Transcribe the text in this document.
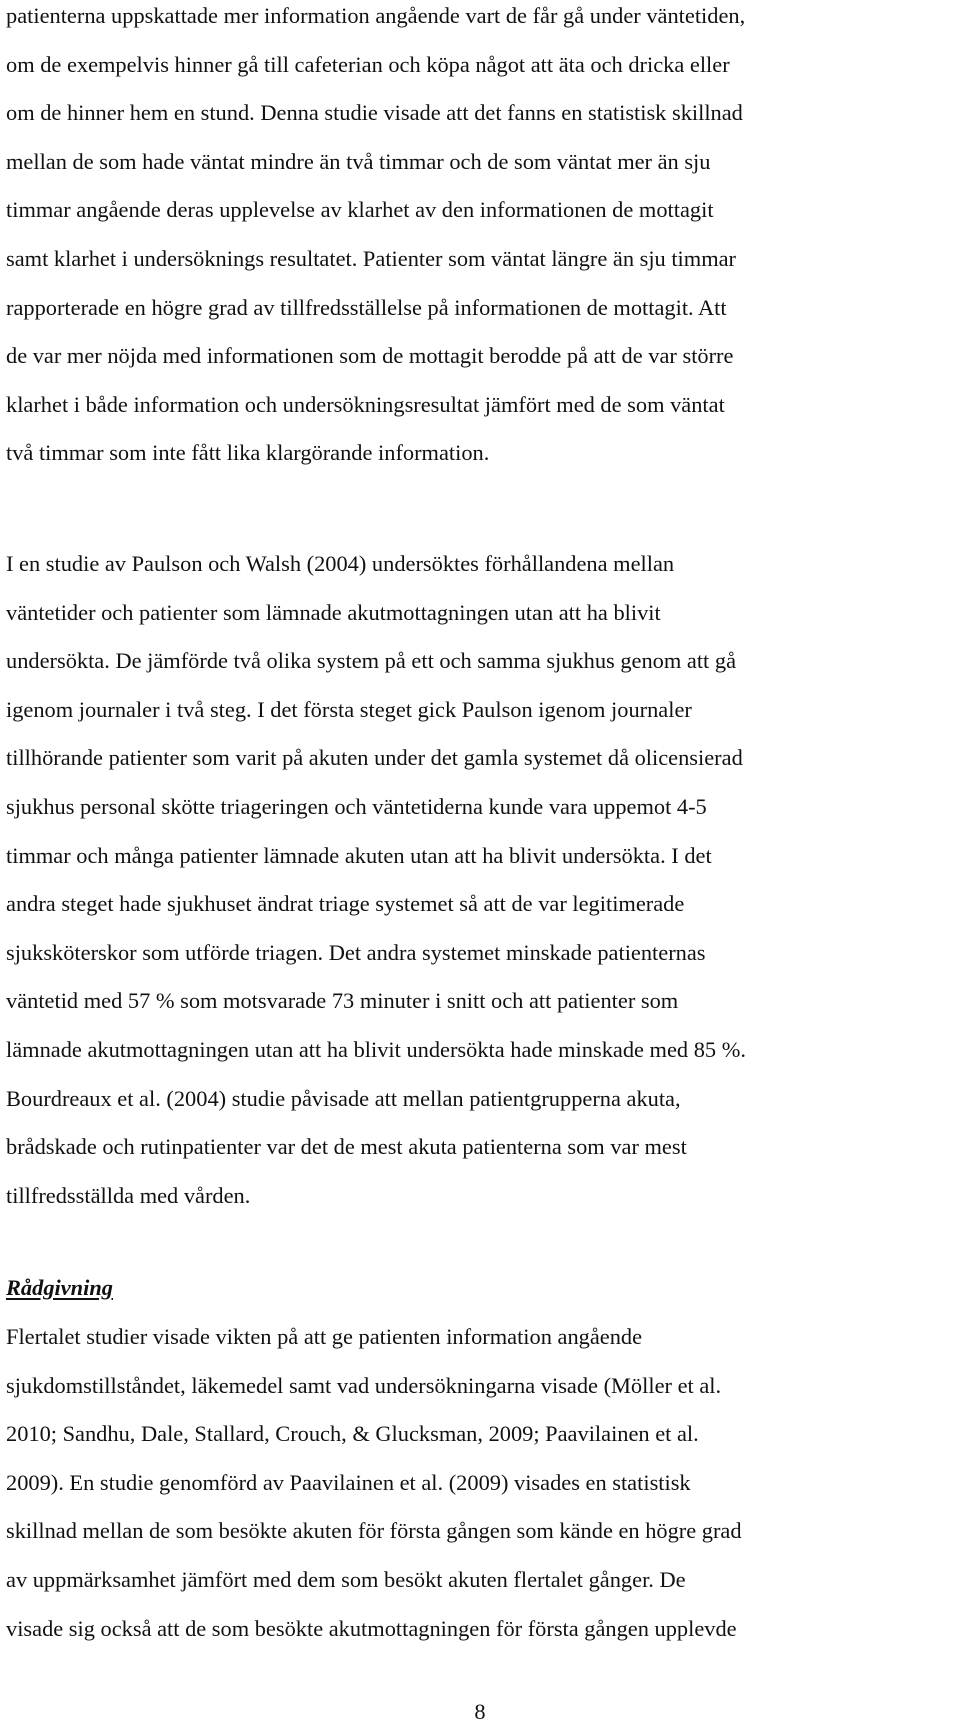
patienterna uppskattade mer information angående vart de får gå under väntetiden,
om de exempelvis hinner gå till cafeterian och köpa något att äta och dricka eller
om de hinner hem en stund. Denna studie visade att det fanns en statistisk skillnad
mellan de som hade väntat mindre än två timmar och de som väntat mer än sju
timmar angående deras upplevelse av klarhet av den informationen de mottagit
samt klarhet i undersöknings resultatet. Patienter som väntat längre än sju timmar
rapporterade en högre grad av tillfredsställelse på informationen de mottagit. Att
de var mer nöjda med informationen som de mottagit berodde på att de var större
klarhet i både information och undersökningsresultat jämfört med de som väntat
två timmar som inte fått lika klargörande information.
I en studie av Paulson och Walsh (2004) undersöktes förhållandena mellan
väntetider och patienter som lämnade akutmottagningen utan att ha blivit
undersökta. De jämförde två olika system på ett och samma sjukhus genom att gå
igenom journaler i två steg. I det första steget gick Paulson igenom journaler
tillhörande patienter som varit på akuten under det gamla systemet då olicensierad
sjukhus personal skötte triageringen och väntetiderna kunde vara uppemot 4-5
timmar och många patienter lämnade akuten utan att ha blivit undersökta. I det
andra steget hade sjukhuset ändrat triage systemet så att de var legitimerade
sjuksköterskor som utförde triagen. Det andra systemet minskade patienternas
väntetid med 57 % som motsvarade 73 minuter i snitt och att patienter som
lämnade akutmottagningen utan att ha blivit undersökta hade minskade med 85 %.
Bourdreaux et al. (2004) studie påvisade att mellan patientgrupperna akuta,
brådskade och rutinpatienter var det de mest akuta patienterna som var mest
tillfredsställda med vården.
Rådgivning
Flertalet studier visade vikten på att ge patienten information angående
sjukdomstillståndet, läkemedel samt vad undersökningarna visade (Möller et al.
2010; Sandhu, Dale, Stallard, Crouch, & Glucksman, 2009; Paavilainen et al.
2009). En studie genomförd av Paavilainen et al. (2009) visades en statistisk
skillnad mellan de som besökte akuten för första gången som kände en högre grad
av uppmärksamhet jämfört med dem som besökt akuten flertalet gånger. De
visade sig också att de som besökte akutmottagningen för första gången upplevde
8
